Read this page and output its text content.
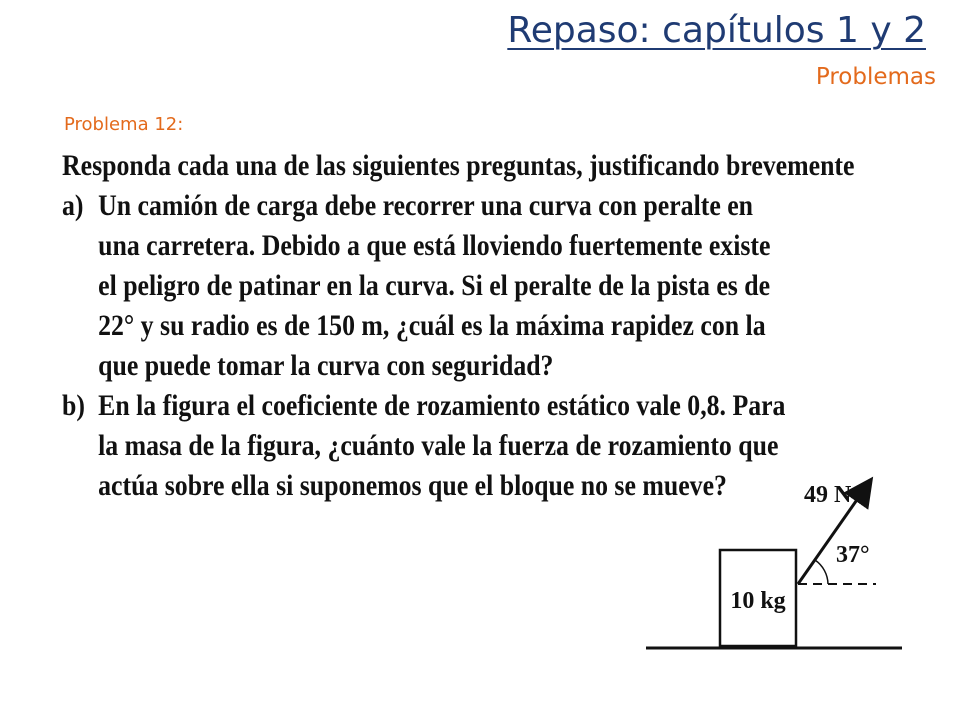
Repaso: capítulos 1 y 2
Problemas
Problema 12:
Responda cada una de las siguientes preguntas, justificando brevemente
a) Un camión de carga debe recorrer una curva con peralte en una carretera. Debido a que está lloviendo fuertemente existe el peligro de patinar en la curva. Si el peralte de la pista es de 22° y su radio es de 150 m, ¿cuál es la máxima rapidez con la que puede tomar la curva con seguridad?
b) En la figura el coeficiente de rozamiento estático vale 0,8. Para la masa de la figura, ¿cuánto vale la fuerza de rozamiento que actúa sobre ella si suponemos que el bloque no se mueve?
10 kg
49 N
37°
